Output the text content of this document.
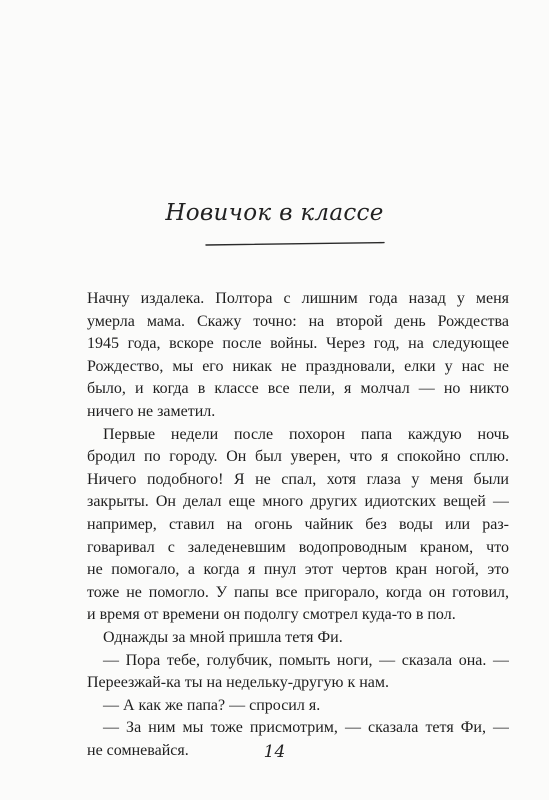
Новичок в классе
Начну издалека. Полтора с лишним года назад у меня
умерла мама. Скажу точно: на второй день Рождества
1945 года, вскоре после войны. Через год, на следующее
Рождество, мы его никак не праздновали, елки у нас не
было, и когда в классе все пели, я молчал — но никто
ничего не заметил.
Первые недели после похорон папа каждую ночь
бродил по городу. Он был уверен, что я спокойно сплю.
Ничего подобного! Я не спал, хотя глаза у меня были
закрыты. Он делал еще много других идиотских вещей —
например, ставил на огонь чайник без воды или раз-
говаривал с заледеневшим водопроводным краном, что
не помогало, а когда я пнул этот чертов кран ногой, это
тоже не помогло. У папы все пригорало, когда он готовил,
и время от времени он подолгу смотрел куда-то в пол.
Однажды за мной пришла тетя Фи.
— Пора тебе, голубчик, помыть ноги, — сказала она. —
Переезжай-ка ты на недельку-другую к нам.
— А как же папа? — спросил я.
— За ним мы тоже присмотрим, — сказала тетя Фи, —
не сомневайся.	14
